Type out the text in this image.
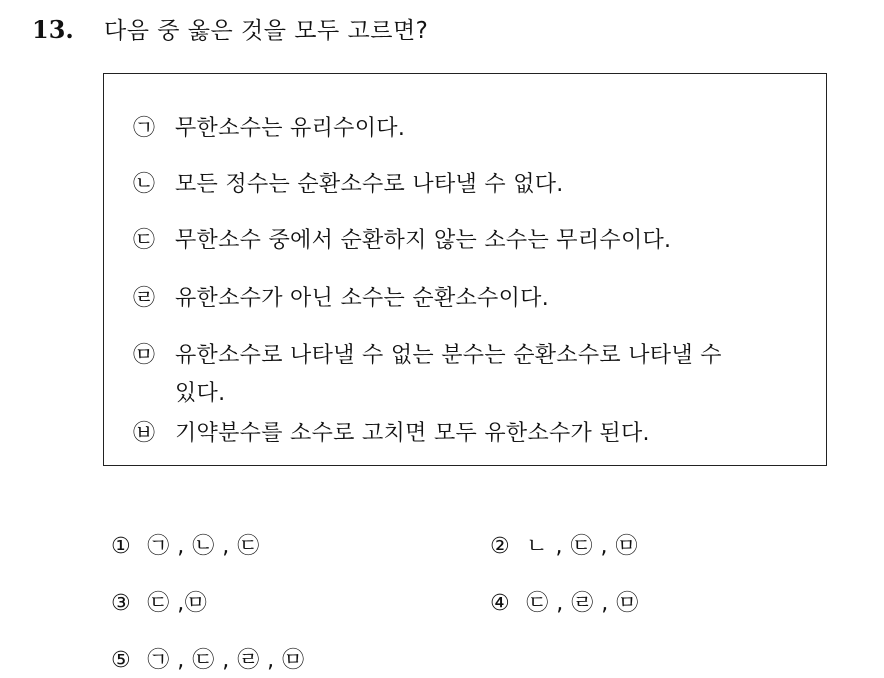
13.	다음 중 옳은 것을 모두 고르면?
㉠ 무한소수는 유리수이다.
㉡ 모든 정수는 순환소수로 나타낼 수 없다.
㉢ 무한소수 중에서 순환하지 않는 소수는 무리수이다.
㉣ 유한소수가 아닌 소수는 순환소수이다.
㉤ 유한소수로 나타낼 수 없는 분수는 순환소수로 나타낼 수 있다.
㉥ 기약분수를 소수로 고치면 모두 유한소수가 된다.
① ㉠ , ㉡ , ㉢	② ㄴ , ㉢ , ㉤
③ ㉢ ,㉤	④ ㉢ , ㉣ , ㉤
⑤ ㉠ , ㉢ , ㉣ , ㉤
